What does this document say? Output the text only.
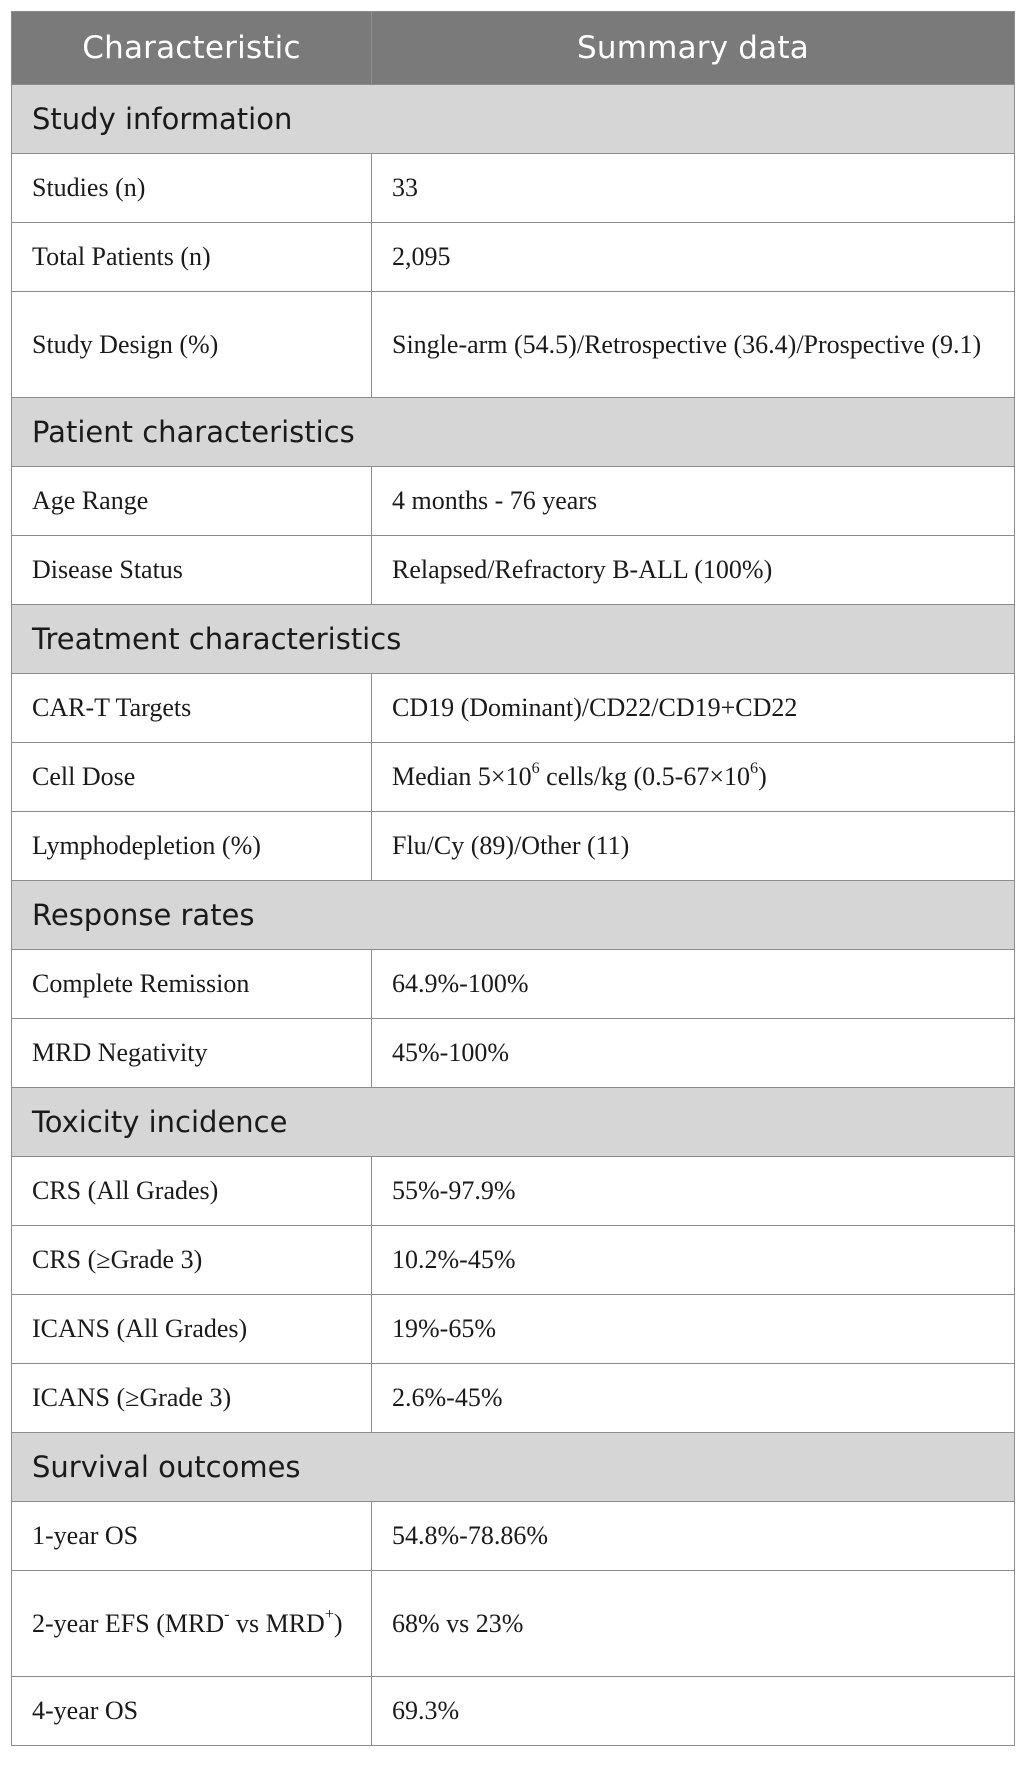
Characteristic	Summary data
Study information	
Studies (n)	33
Total Patients (n)	2,095
Study Design (%)	Single-arm (54.5)/Retrospective (36.4)/Prospective (9.1)
Patient characteristics	
Age Range	4 months - 76 years
Disease Status	Relapsed/Refractory B-ALL (100%)
Treatment characteristics	
CAR-T Targets	CD19 (Dominant)/CD22/CD19+CD22
Cell Dose	Median $5\times 10^6$ cells/kg $(0.5-67\times 10^6)$
Lymphodepletion (%)	Flu/Cy (89)/Other (11)
Response rates	
Complete Remission	64.9%-100%
MRD Negativity	45%-100%
Toxicity incidence	
CRS (All Grades)	55%-97.9%
CRS (≥Grade 3)	10.2%-45%
ICANS (All Grades)	19%-65%
ICANS (≥Grade 3)	2.6%-45%
Survival outcomes	
1-year OS	54.8%-78.86%
2-year EFS (MRD- vs MRD+)	68% vs 23%
4-year OS	69.3%
